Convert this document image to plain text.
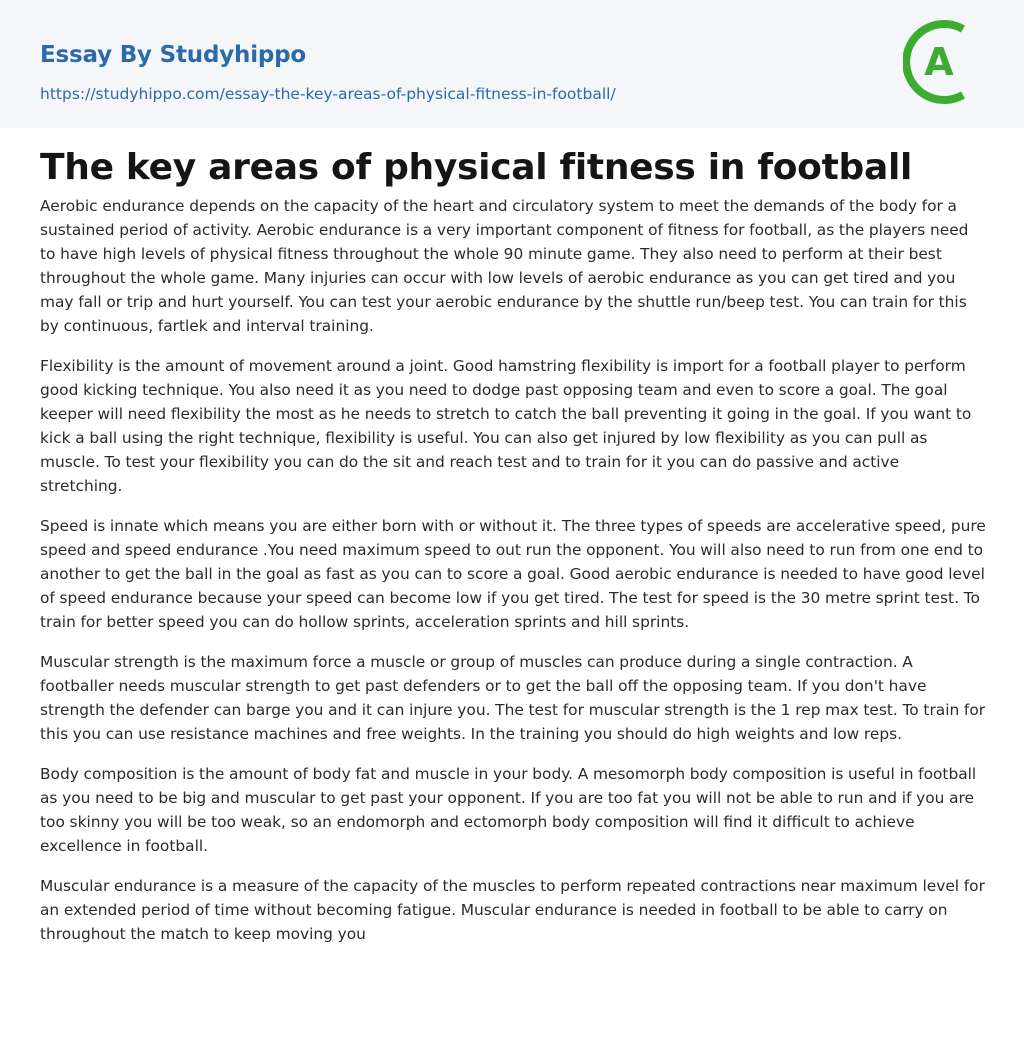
Essay By Studyhippo
https://studyhippo.com/essay-the-key-areas-of-physical-fitness-in-football/
A
The key areas of physical fitness in football

Aerobic endurance depends on the capacity of the heart and circulatory system to meet the demands of the body for a sustained period of activity. Aerobic endurance is a very important component of fitness for football, as the players need to have high levels of physical fitness throughout the whole 90 minute game. They also need to perform at their best throughout the whole game. Many injuries can occur with low levels of aerobic endurance as you can get tired and you may fall or trip and hurt yourself. You can test your aerobic endurance by the shuttle run/beep test. You can train for this by continuous, fartlek and interval training.

Flexibility is the amount of movement around a joint. Good hamstring flexibility is import for a football player to perform good kicking technique. You also need it as you need to dodge past opposing team and even to score a goal. The goal keeper will need flexibility the most as he needs to stretch to catch the ball preventing it going in the goal. If you want to kick a ball using the right technique, flexibility is useful. You can also get injured by low flexibility as you can pull as muscle. To test your flexibility you can do the sit and reach test and to train for it you can do passive and active stretching.

Speed is innate which means you are either born with or without it. The three types of speeds are accelerative speed, pure speed and speed endurance .You need maximum speed to out run the opponent. You will also need to run from one end to another to get the ball in the goal as fast as you can to score a goal. Good aerobic endurance is needed to have good level of speed endurance because your speed can become low if you get tired. The test for speed is the 30 metre sprint test. To train for better speed you can do hollow sprints, acceleration sprints and hill sprints.

Muscular strength is the maximum force a muscle or group of muscles can produce during a single contraction. A footballer needs muscular strength to get past defenders or to get the ball off the opposing team. If you don't have strength the defender can barge you and it can injure you. The test for muscular strength is the 1 rep max test. To train for this you can use resistance machines and free weights. In the training you should do high weights and low reps.

Body composition is the amount of body fat and muscle in your body. A mesomorph body composition is useful in football as you need to be big and muscular to get past your opponent. If you are too fat you will not be able to run and if you are too skinny you will be too weak, so an endomorph and ectomorph body composition will find it difficult to achieve excellence in football.

Muscular endurance is a measure of the capacity of the muscles to perform repeated contractions near maximum level for an extended period of time without becoming fatigue. Muscular endurance is needed in football to be able to carry on throughout the match to keep moving you
